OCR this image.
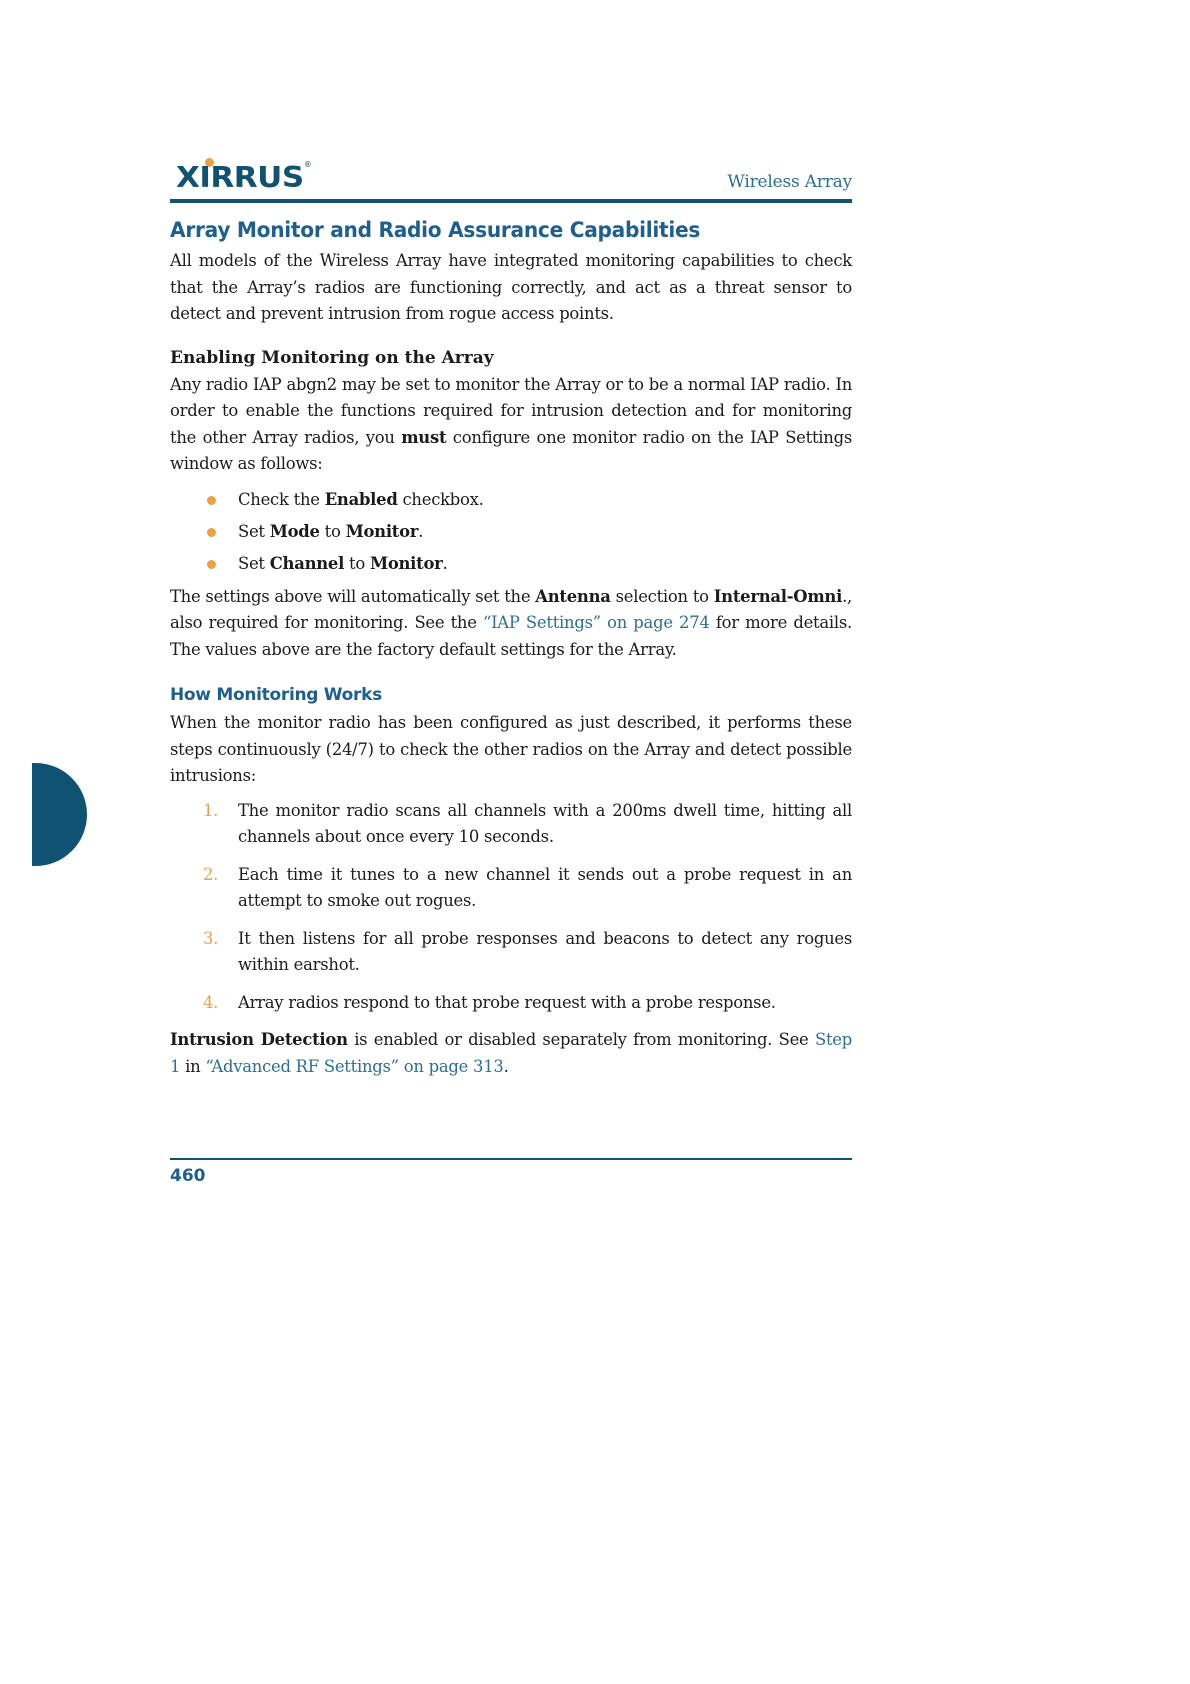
XIRRUS®
Wireless Array
Array Monitor and Radio Assurance Capabilities

All models of the Wireless Array have integrated monitoring capabilities to check that the Array’s radios are functioning correctly, and act as a threat sensor to detect and prevent intrusion from rogue access points.

Enabling Monitoring on the Array

Any radio IAP abgn2 may be set to monitor the Array or to be a normal IAP radio. In order to enable the functions required for intrusion detection and for monitoring the other Array radios, you must configure one monitor radio on the IAP Settings window as follows:

Check the Enabled checkbox.
Set Mode to Monitor.
Set Channel to Monitor.

The settings above will automatically set the Antenna selection to Internal-Omni., also required for monitoring. See the “IAP Settings” on page 274 for more details. The values above are the factory default settings for the Array.

How Monitoring Works

When the monitor radio has been configured as just described, it performs these steps continuously (24/7) to check the other radios on the Array and detect possible intrusions:

1. The monitor radio scans all channels with a 200ms dwell time, hitting all channels about once every 10 seconds.
2. Each time it tunes to a new channel it sends out a probe request in an attempt to smoke out rogues.
3. It then listens for all probe responses and beacons to detect any rogues within earshot.
4. Array radios respond to that probe request with a probe response.

Intrusion Detection is enabled or disabled separately from monitoring. See Step 1 in “Advanced RF Settings” on page 313.

460
